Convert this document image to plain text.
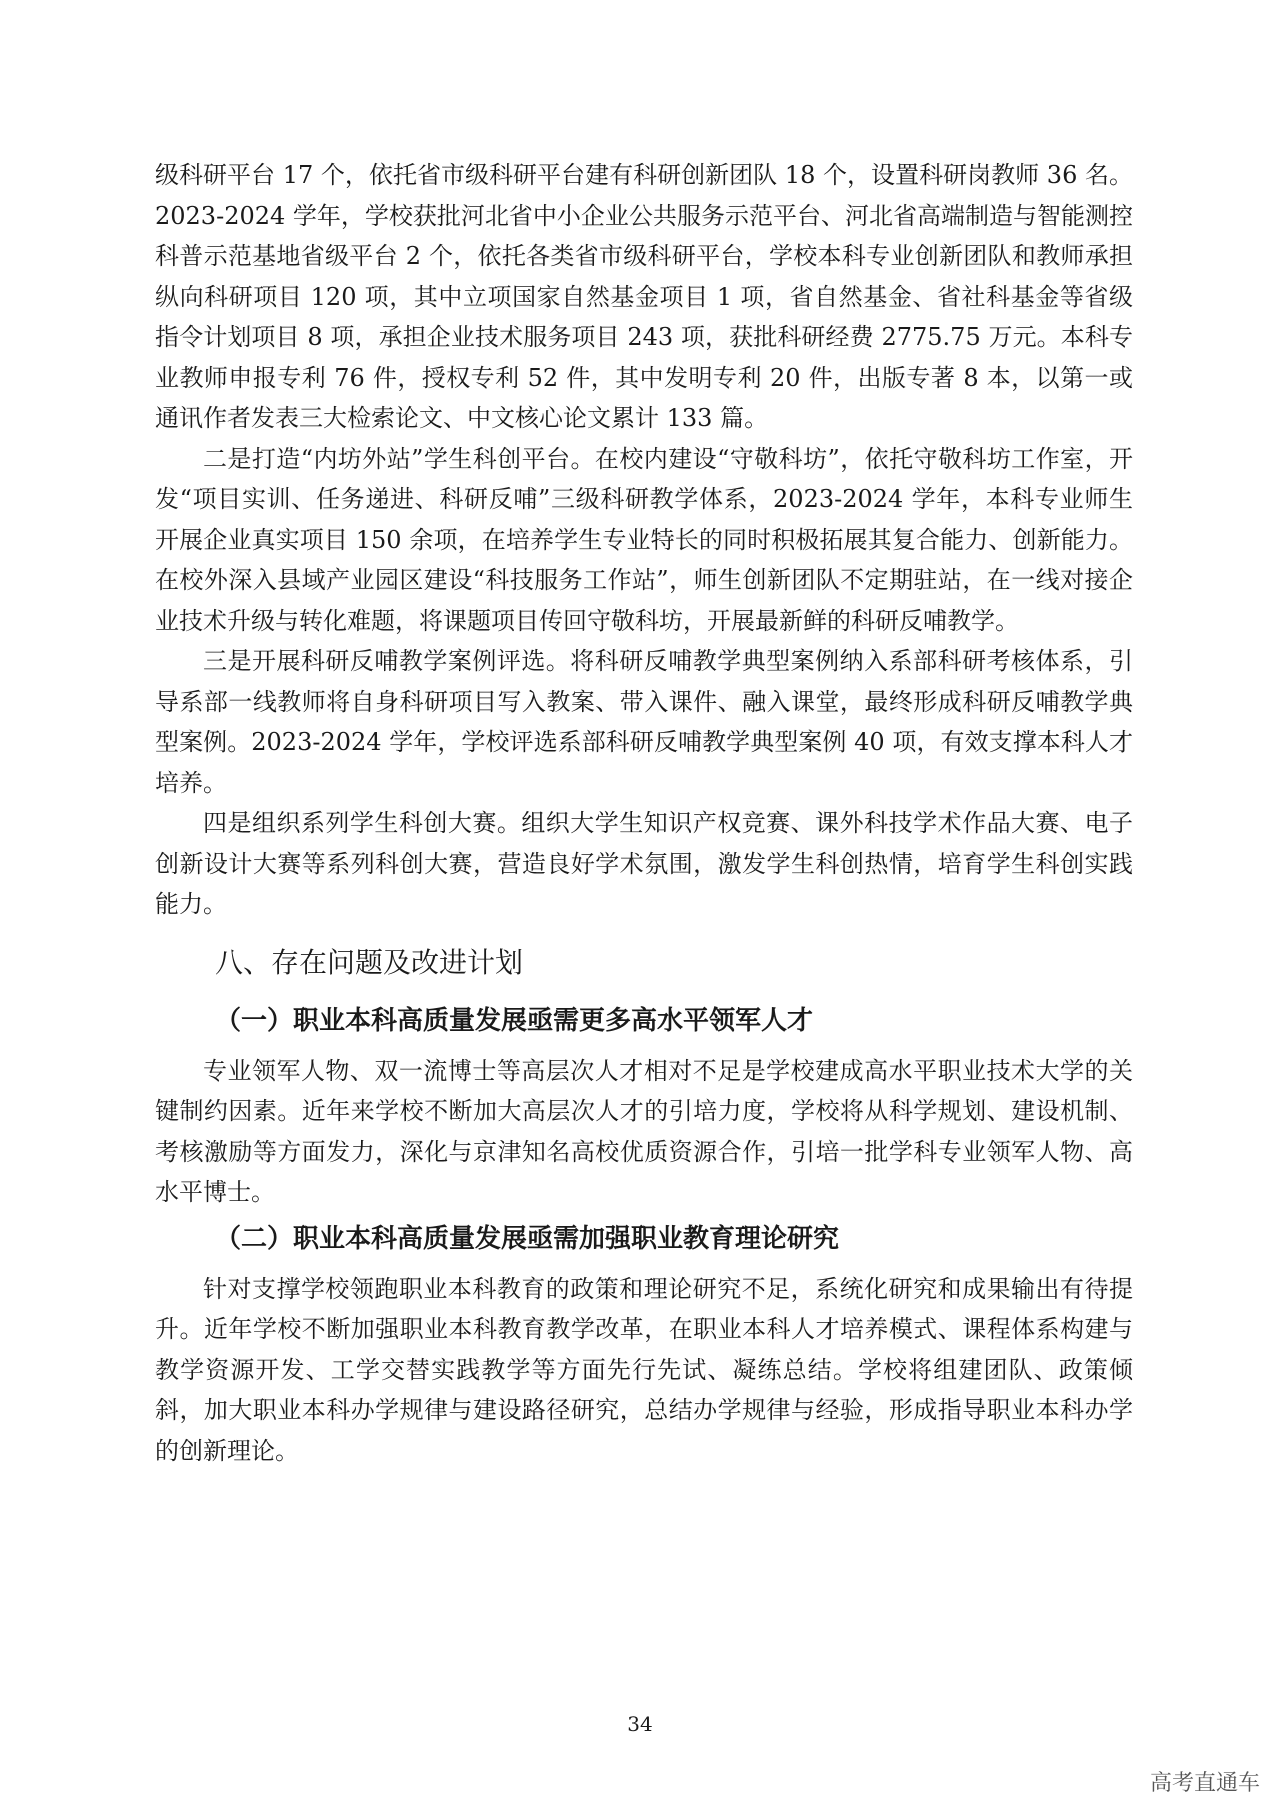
级科研平台 17 个，依托省市级科研平台建有科研创新团队 18 个，设置科研岗教师 36 名。2023-2024 学年，学校获批河北省中小企业公共服务示范平台、河北省高端制造与智能测控科普示范基地省级平台 2 个，依托各类省市级科研平台，学校本科专业创新团队和教师承担纵向科研项目 120 项，其中立项国家自然基金项目 1 项，省自然基金、省社科基金等省级指令计划项目 8 项，承担企业技术服务项目 243 项，获批科研经费 2775.75 万元。本科专业教师申报专利 76 件，授权专利 52 件，其中发明专利 20 件，出版专著 8 本，以第一或通讯作者发表三大检索论文、中文核心论文累计 133 篇。

二是打造“内坊外站”学生科创平台。在校内建设“守敬科坊”，依托守敬科坊工作室，开发“项目实训、任务递进、科研反哺”三级科研教学体系，2023-2024 学年，本科专业师生开展企业真实项目 150 余项，在培养学生专业特长的同时积极拓展其复合能力、创新能力。在校外深入县域产业园区建设“科技服务工作站”，师生创新团队不定期驻站，在一线对接企业技术升级与转化难题，将课题项目传回守敬科坊，开展最新鲜的科研反哺教学。

三是开展科研反哺教学案例评选。将科研反哺教学典型案例纳入系部科研考核体系，引导系部一线教师将自身科研项目写入教案、带入课件、融入课堂，最终形成科研反哺教学典型案例。2023-2024 学年，学校评选系部科研反哺教学典型案例 40 项，有效支撑本科人才培养。

四是组织系列学生科创大赛。组织大学生知识产权竞赛、课外科技学术作品大赛、电子创新设计大赛等系列科创大赛，营造良好学术氛围，激发学生科创热情，培育学生科创实践能力。

八、存在问题及改进计划
（一）职业本科高质量发展亟需更多高水平领军人才

专业领军人物、双一流博士等高层次人才相对不足是学校建成高水平职业技术大学的关键制约因素。近年来学校不断加大高层次人才的引培力度，学校将从科学规划、建设机制、考核激励等方面发力，深化与京津知名高校优质资源合作，引培一批学科专业领军人物、高水平博士。

（二）职业本科高质量发展亟需加强职业教育理论研究

针对支撑学校领跑职业本科教育的政策和理论研究不足，系统化研究和成果输出有待提升。近年学校不断加强职业本科教育教学改革，在职业本科人才培养模式、课程体系构建与教学资源开发、工学交替实践教学等方面先行先试、凝练总结。学校将组建团队、政策倾斜，加大职业本科办学规律与建设路径研究，总结办学规律与经验，形成指导职业本科办学的创新理论。

34
高考直通车
